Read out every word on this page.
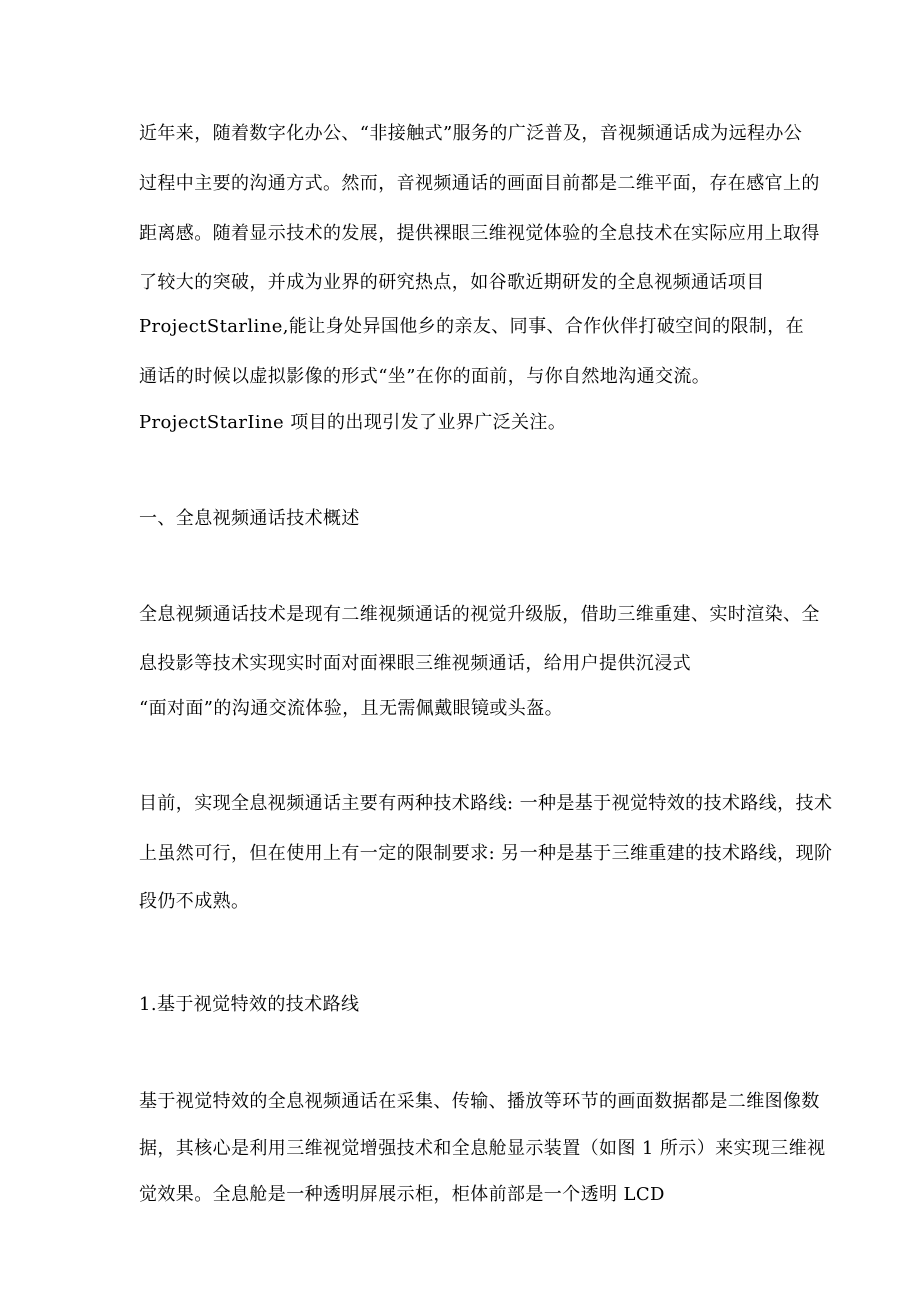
近年来，随着数字化办公、“非接触式”服务的广泛普及，音视频通话成为远程办公
过程中主要的沟通方式。然而，音视频通话的画面目前都是二维平面，存在感官上的
距离感。随着显示技术的发展，提供裸眼三维视觉体验的全息技术在实际应用上取得
了较大的突破，并成为业界的研究热点，如谷歌近期研发的全息视频通话项目
ProjectStarline,能让身处异国他乡的亲友、同事、合作伙伴打破空间的限制，在
通话的时候以虚拟影像的形式“坐”在你的面前，与你自然地沟通交流。
ProjectStarIine 项目的出现引发了业界广泛关注。
一、全息视频通话技术概述
全息视频通话技术是现有二维视频通话的视觉升级版，借助三维重建、实时渲染、全
息投影等技术实现实时面对面裸眼三维视频通话，给用户提供沉浸式
“面对面”的沟通交流体验，且无需佩戴眼镜或头盔。
目前，实现全息视频通话主要有两种技术路线: 一种是基于视觉特效的技术路线，技术
上虽然可行，但在使用上有一定的限制要求: 另一种是基于三维重建的技术路线，现阶
段仍不成熟。
1.基于视觉特效的技术路线
基于视觉特效的全息视频通话在采集、传输、播放等环节的画面数据都是二维图像数
据，其核心是利用三维视觉增强技术和全息舱显示装置（如图 1 所示）来实现三维视
觉效果。全息舱是一种透明屏展示柜，柜体前部是一个透明 LCD
